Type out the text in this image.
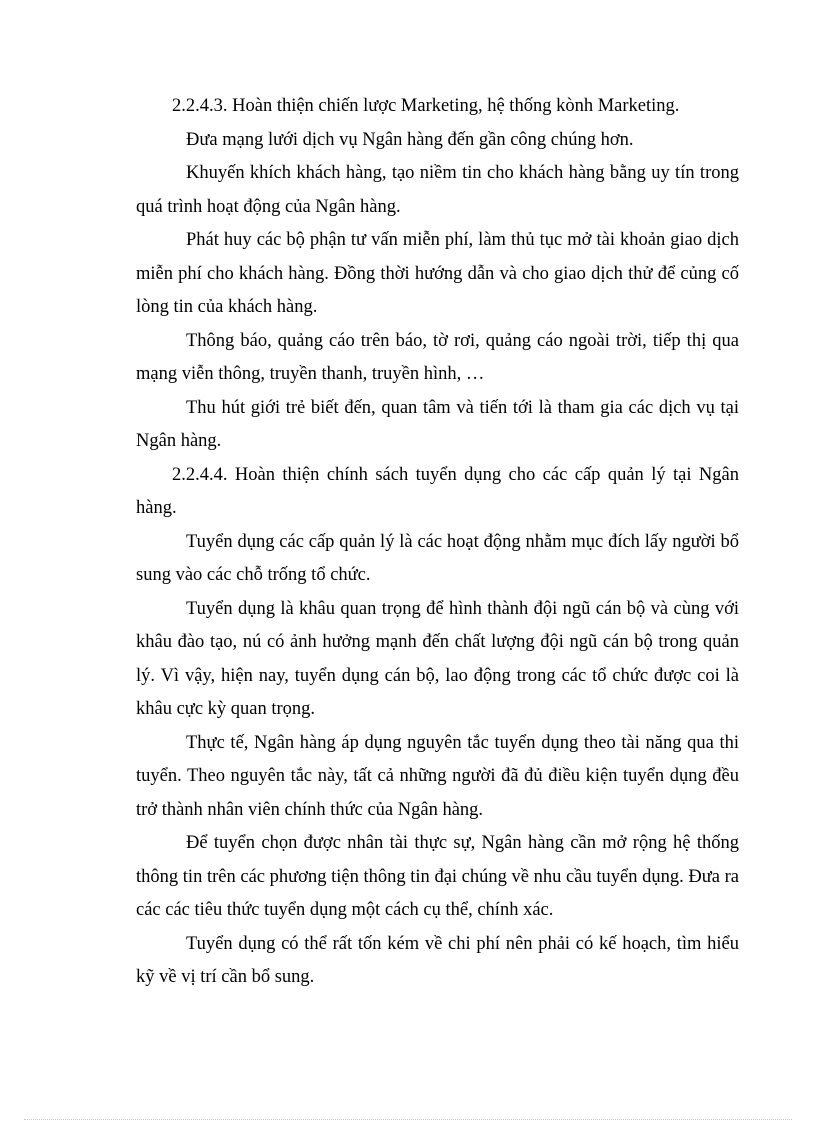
2.2.4.3. Hoàn thiện chiến lược Marketing, hệ thống kònh Marketing.

Đưa mạng lưới dịch vụ Ngân hàng đến gần công chúng hơn.

Khuyến khích khách hàng, tạo niềm tin cho khách hàng bằng uy tín trong quá trình hoạt động của Ngân hàng.

Phát huy các bộ phận tư vấn miễn phí, làm thủ tục mở tài khoản giao dịch miễn phí cho khách hàng. Đồng thời hướng dẫn và cho giao dịch thử để củng cố lòng tin của khách hàng.

Thông báo, quảng cáo trên báo, tờ rơi, quảng cáo ngoài trời, tiếp thị qua mạng viễn thông, truyền thanh, truyền hình, …

Thu hút giới trẻ biết đến, quan tâm và tiến tới là tham gia các dịch vụ tại Ngân hàng.

2.2.4.4. Hoàn thiện chính sách tuyển dụng cho các cấp quản lý tại Ngân hàng.

Tuyển dụng các cấp quản lý là các hoạt động nhằm mục đích lấy người bổ sung vào các chỗ trống tổ chức.

Tuyển dụng là khâu quan trọng để hình thành đội ngũ cán bộ và cùng với khâu đào tạo, nú có ảnh hưởng mạnh đến chất lượng đội ngũ cán bộ trong quản lý. Vì vậy, hiện nay, tuyển dụng cán bộ, lao động trong các tổ chức được coi là khâu cực kỳ quan trọng.

Thực tế, Ngân hàng áp dụng nguyên tắc tuyển dụng theo tài năng qua thi tuyển. Theo nguyên tắc này, tất cả những người đã đủ điều kiện tuyển dụng đều trở thành nhân viên chính thức của Ngân hàng.

Để tuyển chọn được nhân tài thực sự, Ngân hàng cần mở rộng hệ thống thông tin trên các phương tiện thông tin đại chúng về nhu cầu tuyển dụng. Đưa ra các các tiêu thức tuyển dụng một cách cụ thể, chính xác.

Tuyển dụng có thể rất tốn kém về chi phí nên phải có kế hoạch, tìm hiểu kỹ về vị trí cần bổ sung.
